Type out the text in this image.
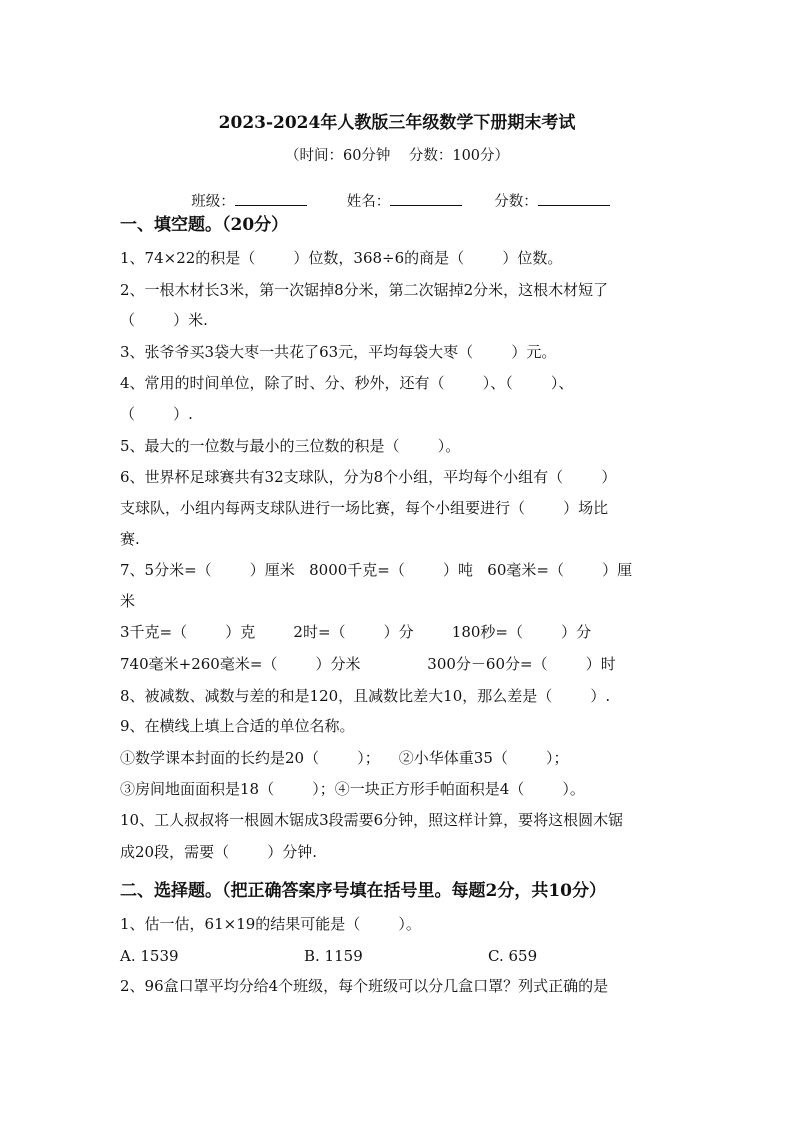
2023-2024年人教版三年级数学下册期末考试
（时间：60分钟    分数：100分）

班级：	姓名：	分数：

一、填空题。（20分）
1、74×22的积是（        ）位数，368÷6的商是（        ）位数。
2、一根木材长3米，第一次锯掉8分米，第二次锯掉2分米，这根木材短了
（        ）米.
3、张爷爷买3袋大枣一共花了63元，平均每袋大枣（        ）元。
4、常用的时间单位，除了时、分、秒外，还有（        ）、（        ）、
（        ）.
5、最大的一位数与最小的三位数的积是（        ）。
6、世界杯足球赛共有32支球队，分为8个小组，平均每个小组有（        ）
支球队，小组内每两支球队进行一场比赛，每个小组要进行（        ）场比
赛.
7、5分米=（        ）厘米   8000千克=（        ）吨   60毫米=（        ）厘
米
3千克=（        ）克        2时=（        ）分        180秒=（        ）分
740毫米+260毫米=（        ）分米              300分－60分=（        ）时
8、被减数、减数与差的和是120，且减数比差大10，那么差是（        ）.
9、在横线上填上合适的单位名称。
①数学课本封面的长约是20（        ）；    ②小华体重35（        ）；
③房间地面面积是18（        ）；④一块正方形手帕面积是4（        ）。
10、工人叔叔将一根圆木锯成3段需要6分钟，照这样计算，要将这根圆木锯
成20段，需要（        ）分钟.
二、选择题。（把正确答案序号填在括号里。每题2分，共10分）
1、估一估，61×19的结果可能是（        ）。
A. 1539	B. 1159	C. 659
2、96盒口罩平均分给4个班级，每个班级可以分几盒口罩？列式正确的是
